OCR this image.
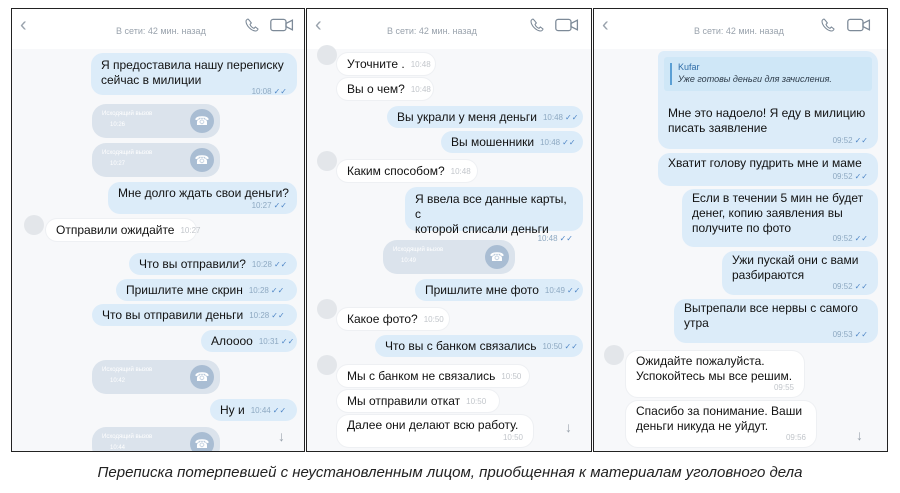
‹	В сети: 42 мин. назад
Я предоставила нашу переписку
сейчас в милиции
10:08 ✓✓
Исходящий вызов
10:26	☎
Исходящий вызов
10:27	☎
Мне долго ждать свои деньги?
10:27 ✓✓
Отправили ожидайте 10:27
Что вы отправили? 10:28 ✓✓
Пришлите мне скрин 10:28 ✓✓
Что вы отправили деньги 10:28 ✓✓
Алоооо 10:31 ✓✓
Исходящий вызов
10:42	☎
Ну и 10:44 ✓✓
Исходящий вызов
10:44	☎	↓
‹	В сети: 42 мин. назад
Уточните . 10:48
Вы о чем? 10:48
Вы украли у меня деньги 10:48 ✓✓
Вы мошенники 10:48 ✓✓
Каким способом? 10:48
Я ввела все данные карты, с
которой списали деньги
10:48 ✓✓
Исходящий вызов
10:49	☎
Пришлите мне фото 10:49 ✓✓
Какое фото? 10:50
Что вы с банком связались 10:50 ✓✓
Мы с банком не связались 10:50
Мы отправили откат 10:50
Далее они делают всю работу.
10:50
↓
‹	В сети: 42 мин. назад
Kufar
Уже готовы деньги для зачисления.
Мне это надоело! Я еду в милицию
писать заявление
09:52 ✓✓
Хватит голову пудрить мне и маме
09:52 ✓✓
Если в течении 5 мин не будет
денег, копию заявления вы
получите по фото
09:52 ✓✓
Ужи пускай они с вами
разбираются
09:52 ✓✓
Вытрепали все нервы с самого
утра
09:53 ✓✓
Ожидайте пожалуйста.
Успокойтесь мы все решим.
09:55
Спасибо за понимание. Ваши
деньги никуда не уйдут.
09:56	↓
Переписка потерпевшей с неустановленным лицом, приобщенная к материалам уголовного дела
